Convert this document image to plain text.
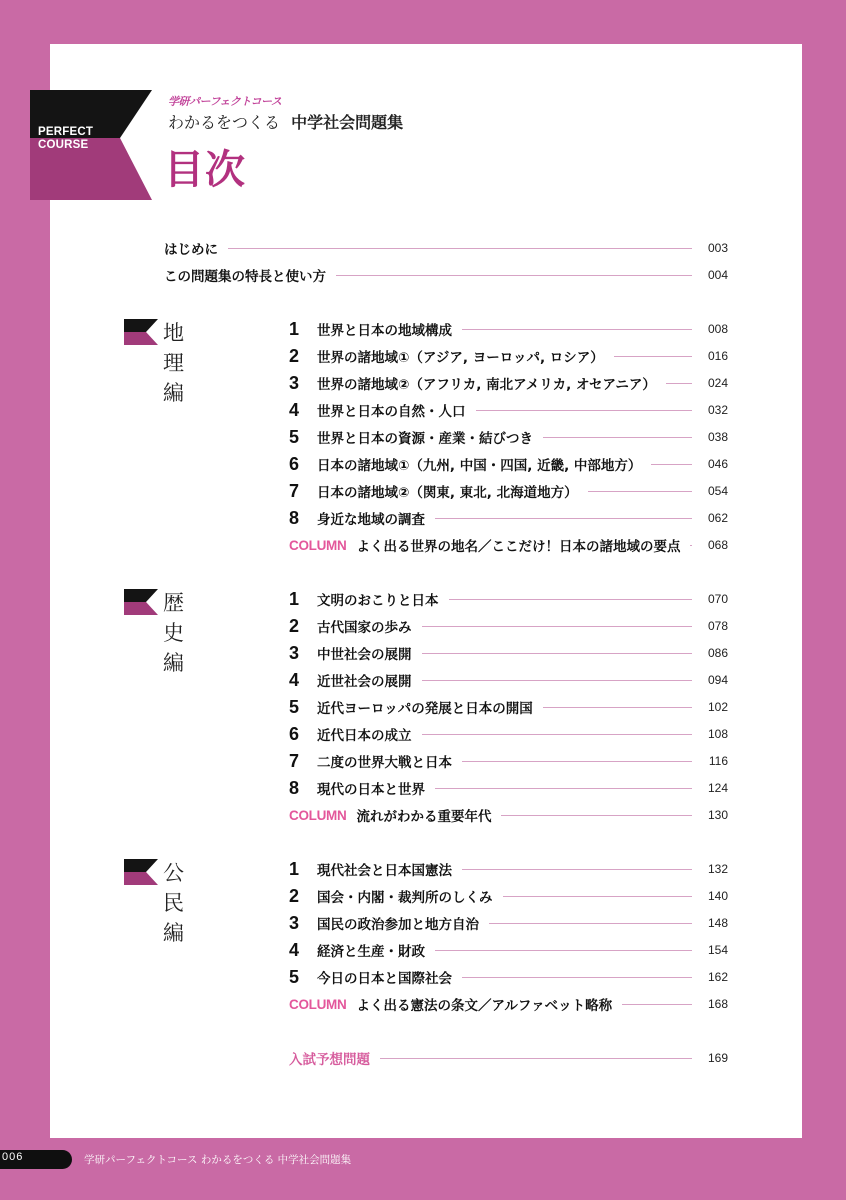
PERFECT
COURSE
学研パーフェクトコース
わかるをつくる 中学社会問題集
目次
はじめに	003
この問題集の特長と使い方	004
地理編
1	世界と日本の地域構成	008
2	世界の諸地域①（アジア, ヨーロッパ, ロシア）	016
3	世界の諸地域②（アフリカ, 南北アメリカ, オセアニア）	024
4	世界と日本の自然・人口	032
5	世界と日本の資源・産業・結びつき	038
6	日本の諸地域①（九州, 中国・四国, 近畿, 中部地方）	046
7	日本の諸地域②（関東, 東北, 北海道地方）	054
8	身近な地域の調査	062
COLUMN よく出る世界の地名／ここだけ！日本の諸地域の要点	068
歴史編
1	文明のおこりと日本	070
2	古代国家の歩み	078
3	中世社会の展開	086
4	近世社会の展開	094
5	近代ヨーロッパの発展と日本の開国	102
6	近代日本の成立	108
7	二度の世界大戦と日本	116
8	現代の日本と世界	124
COLUMN 流れがわかる重要年代	130
公民編
1	現代社会と日本国憲法	132
2	国会・内閣・裁判所のしくみ	140
3	国民の政治参加と地方自治	148
4	経済と生産・財政	154
5	今日の日本と国際社会	162
COLUMN よく出る憲法の条文／アルファベット略称	168
入試予想問題	169
006	学研パーフェクトコース わかるをつくる 中学社会問題集
